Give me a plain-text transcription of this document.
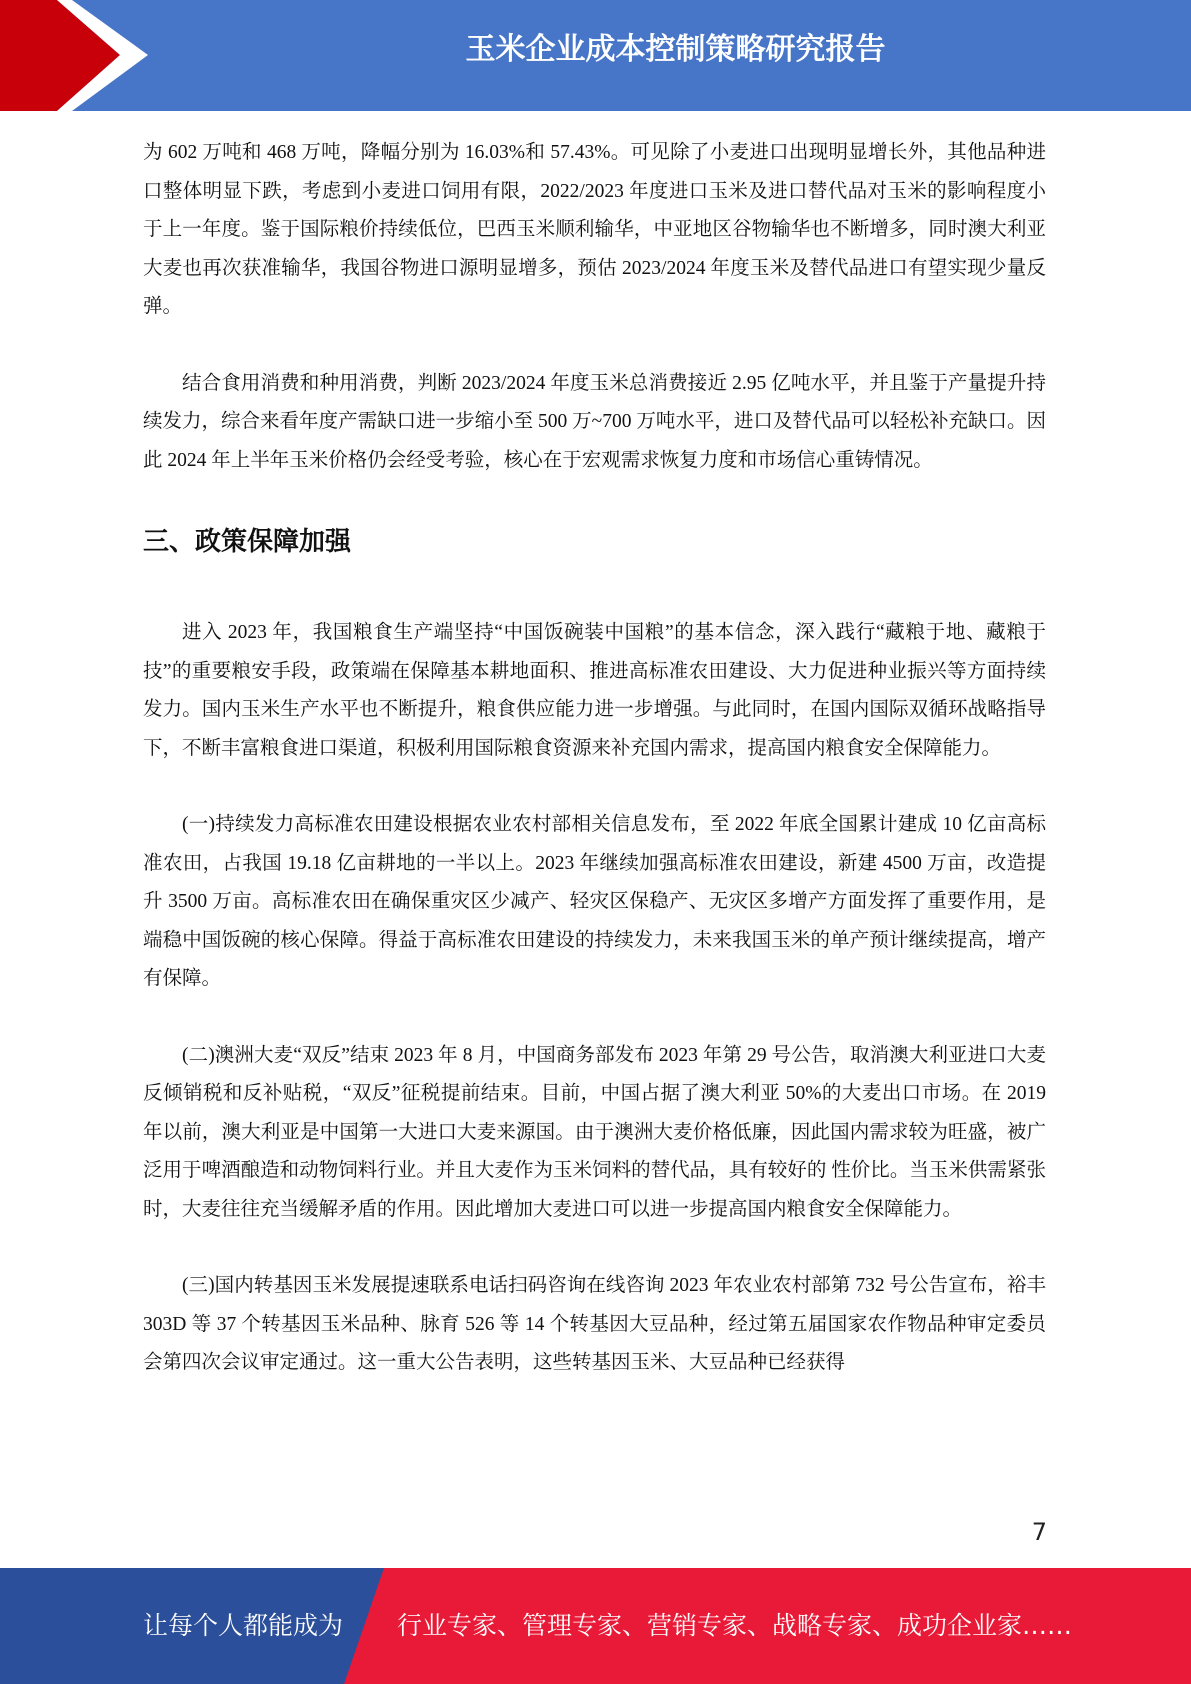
玉米企业成本控制策略研究报告

为 602 万吨和 468 万吨，降幅分别为 16.03%和 57.43%。可见除了小麦进口出现明显增长外，其他品种进口整体明显下跌，考虑到小麦进口饲用有限，2022/2023 年度进口玉米及进口替代品对玉米的影响程度小于上一年度。鉴于国际粮价持续低位，巴西玉米顺利输华，中亚地区谷物输华也不断增多，同时澳大利亚大麦也再次获准输华，我国谷物进口源明显增多，预估 2023/2024 年度玉米及替代品进口有望实现少量反弹。

结合食用消费和种用消费，判断 2023/2024 年度玉米总消费接近 2.95 亿吨水平，并且鉴于产量提升持续发力，综合来看年度产需缺口进一步缩小至 500 万~700 万吨水平，进口及替代品可以轻松补充缺口。因此 2024 年上半年玉米价格仍会经受考验，核心在于宏观需求恢复力度和市场信心重铸情况。

三、政策保障加强

进入 2023 年，我国粮食生产端坚持“中国饭碗装中国粮”的基本信念，深入践行“藏粮于地、藏粮于技”的重要粮安手段，政策端在保障基本耕地面积、推进高标准农田建设、大力促进种业振兴等方面持续发力。国内玉米生产水平也不断提升，粮食供应能力进一步增强。与此同时，在国内国际双循环战略指导下，不断丰富粮食进口渠道，积极利用国际粮食资源来补充国内需求，提高国内粮食安全保障能力。

(一)持续发力高标准农田建设根据农业农村部相关信息发布，至 2022 年底全国累计建成 10 亿亩高标准农田，占我国 19.18 亿亩耕地的一半以上。2023 年继续加强高标准农田建设，新建 4500 万亩，改造提升 3500 万亩。高标准农田在确保重灾区少减产、轻灾区保稳产、无灾区多增产方面发挥了重要作用，是端稳中国饭碗的核心保障。得益于高标准农田建设的持续发力，未来我国玉米的单产预计继续提高，增产有保障。

(二)澳洲大麦“双反”结束 2023 年 8 月，中国商务部发布 2023 年第 29 号公告，取消澳大利亚进口大麦反倾销税和反补贴税，“双反”征税提前结束。目前，中国占据了澳大利亚 50%的大麦出口市场。在 2019 年以前，澳大利亚是中国第一大进口大麦来源国。由于澳洲大麦价格低廉，因此国内需求较为旺盛，被广泛用于啤酒酿造和动物饲料行业。并且大麦作为玉米饲料的替代品，具有较好的 性价比。当玉米供需紧张时，大麦往往充当缓解矛盾的作用。因此增加大麦进口可以进一步提高国内粮食安全保障能力。

(三)国内转基因玉米发展提速联系电话扫码咨询在线咨询 2023 年农业农村部第 732 号公告宣布，裕丰 303D 等 37 个转基因玉米品种、脉育 526 等 14 个转基因大豆品种，经过第五届国家农作物品种审定委员会第四次会议审定通过。这一重大公告表明，这些转基因玉米、大豆品种已经获得

7
让每个人都能成为 行业专家、管理专家、营销专家、战略专家、成功企业家……
